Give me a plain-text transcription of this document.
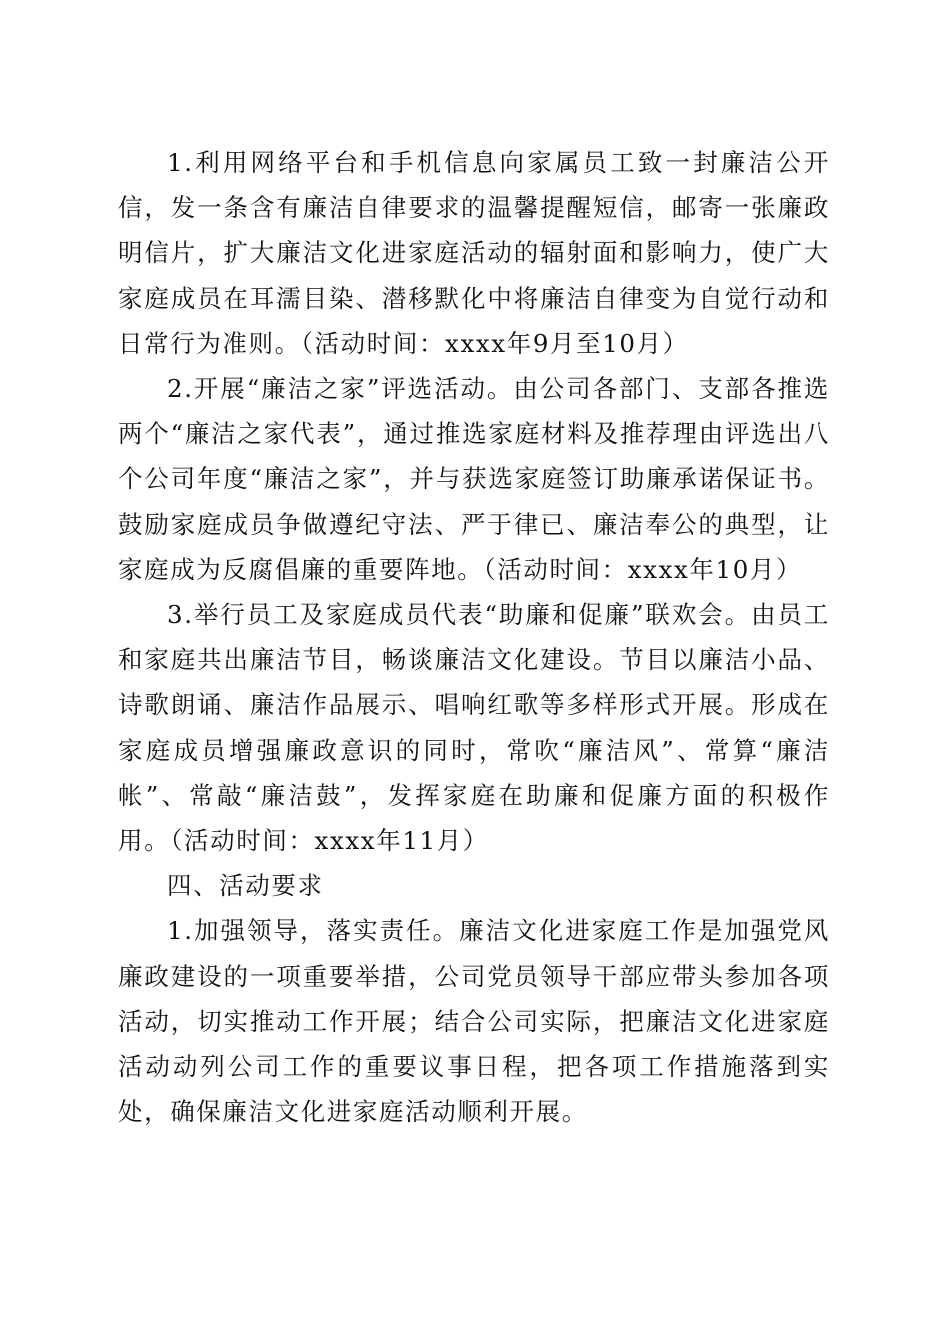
1.利用网络平台和手机信息向家属员工致一封廉洁公开信，发一条含有廉洁自律要求的温馨提醒短信，邮寄一张廉政明信片，扩大廉洁文化进家庭活动的辐射面和影响力，使广大家庭成员在耳濡目染、潜移默化中将廉洁自律变为自觉行动和日常行为准则。（活动时间：xxxx年9月至10月）

2.开展“廉洁之家”评选活动。由公司各部门、支部各推选两个“廉洁之家代表”，通过推选家庭材料及推荐理由评选出八个公司年度“廉洁之家”，并与获选家庭签订助廉承诺保证书。鼓励家庭成员争做遵纪守法、严于律已、廉洁奉公的典型，让家庭成为反腐倡廉的重要阵地。（活动时间：xxxx年10月）

3.举行员工及家庭成员代表“助廉和促廉”联欢会。由员工和家庭共出廉洁节目，畅谈廉洁文化建设。节目以廉洁小品、诗歌朗诵、廉洁作品展示、唱响红歌等多样形式开展。形成在家庭成员增强廉政意识的同时，常吹“廉洁风”、常算“廉洁帐”、常敲“廉洁鼓”，发挥家庭在助廉和促廉方面的积极作用。（活动时间：xxxx年11月）

四、活动要求

1.加强领导，落实责任。廉洁文化进家庭工作是加强党风廉政建设的一项重要举措，公司党员领导干部应带头参加各项活动，切实推动工作开展；结合公司实际，把廉洁文化进家庭活动动列公司工作的重要议事日程，把各项工作措施落到实处，确保廉洁文化进家庭活动顺利开展。
